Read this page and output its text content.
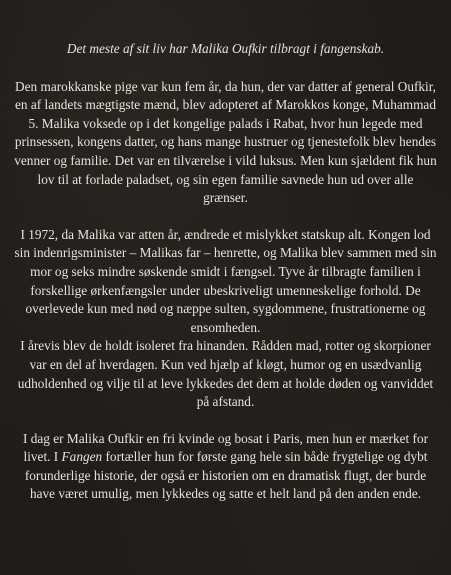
Det meste af sit liv har Malika Oufkir tilbragt i fangenskab.

Den marokkanske pige var kun fem år, da hun, der var datter af general Oufkir, en af landets mægtigste mænd, blev adopteret af Marokkos konge, Muhammad 5. Malika voksede op i det kongelige palads i Rabat, hvor hun legede med prinsessen, kongens datter, og hans mange hustruer og tjenestefolk blev hendes venner og familie. Det var en tilværelse i vild luksus. Men kun sjældent fik hun lov til at forlade paladset, og sin egen familie savnede hun ud over alle grænser.

I 1972, da Malika var atten år, ændrede et mislykket statskup alt. Kongen lod sin indenrigsminister – Malikas far – henrette, og Malika blev sammen med sin mor og seks mindre søskende smidt i fængsel. Tyve år tilbragte familien i forskellige ørkenfængsler under ubeskriveligt umenneskelige forhold. De overlevede kun med nød og næppe sulten, sygdommene, frustrationerne og ensomheden.

I årevis blev de holdt isoleret fra hinanden. Rådden mad, rotter og skorpioner var en del af hverdagen. Kun ved hjælp af kløgt, humor og en usædvanlig udholdenhed og vilje til at leve lykkedes det dem at holde døden og vanviddet på afstand.

I dag er Malika Oufkir en fri kvinde og bosat i Paris, men hun er mærket for livet. I Fangen fortæller hun for første gang hele sin både frygtelige og dybt forunderlige historie, der også er historien om en dramatisk flugt, der burde have været umulig, men lykkedes og satte et helt land på den anden ende.
